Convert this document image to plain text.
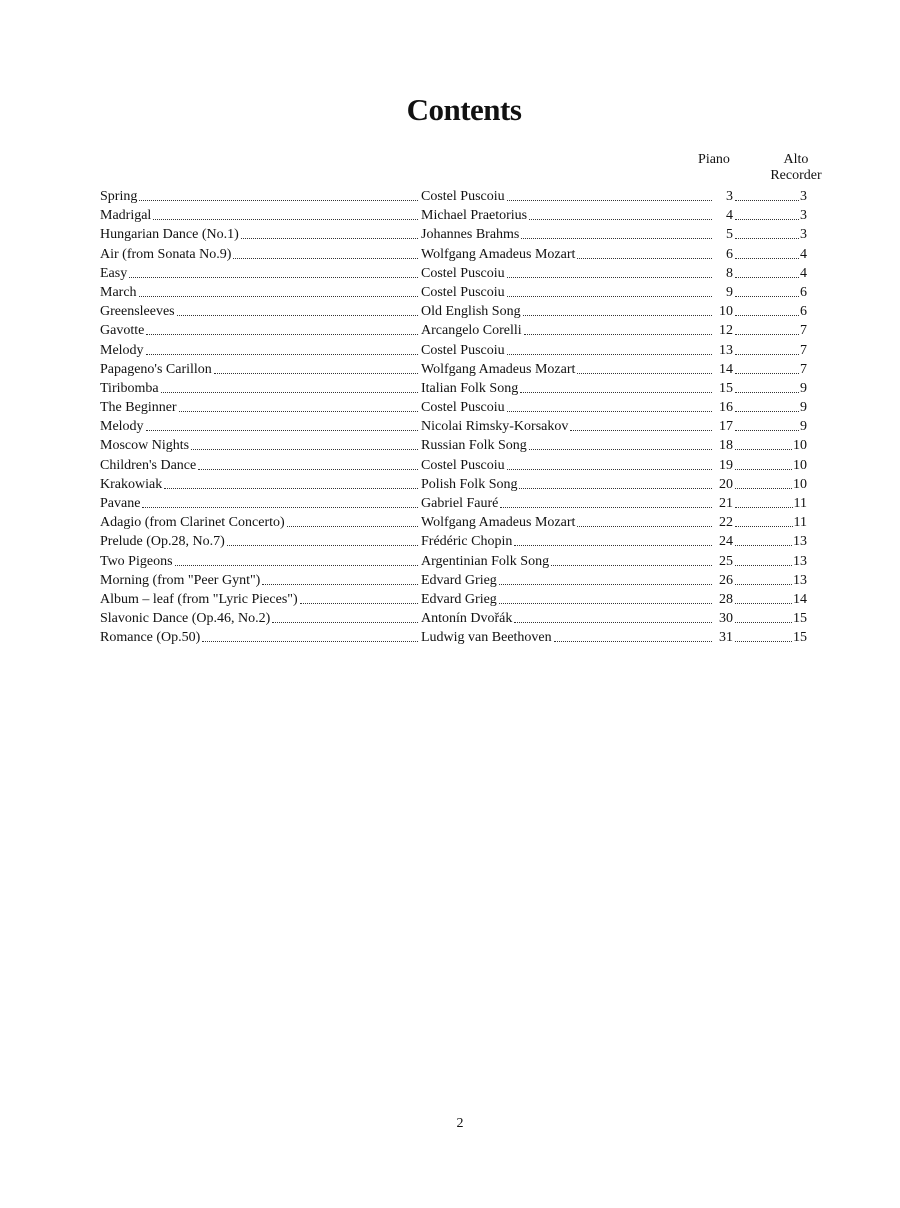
Contents
Piano	Alto
Recorder
Spring	Costel Puscoiu	3	3
Madrigal	Michael Praetorius	4	3
Hungarian Dance (No.1)	Johannes Brahms	5	3
Air (from Sonata No.9)	Wolfgang Amadeus Mozart	6	4
Easy	Costel Puscoiu	8	4
March	Costel Puscoiu	9	6
Greensleeves	Old English Song	10	6
Gavotte	Arcangelo Corelli	12	7
Melody	Costel Puscoiu	13	7
Papageno's Carillon	Wolfgang Amadeus Mozart	14	7
Tiribomba	Italian Folk Song	15	9
The Beginner	Costel Puscoiu	16	9
Melody	Nicolai Rimsky-Korsakov	17	9
Moscow Nights	Russian Folk Song	18	10
Children's Dance	Costel Puscoiu	19	10
Krakowiak	Polish Folk Song	20	10
Pavane	Gabriel Fauré	21	11
Adagio (from Clarinet Concerto)	Wolfgang Amadeus Mozart	22	11
Prelude (Op.28, No.7)	Frédéric Chopin	24	13
Two Pigeons	Argentinian Folk Song	25	13
Morning (from "Peer Gynt")	Edvard Grieg	26	13
Album – leaf (from "Lyric Pieces")	Edvard Grieg	28	14
Slavonic Dance (Op.46, No.2)	Antonín Dvořák	30	15
Romance (Op.50)	Ludwig van Beethoven	31	15
2
